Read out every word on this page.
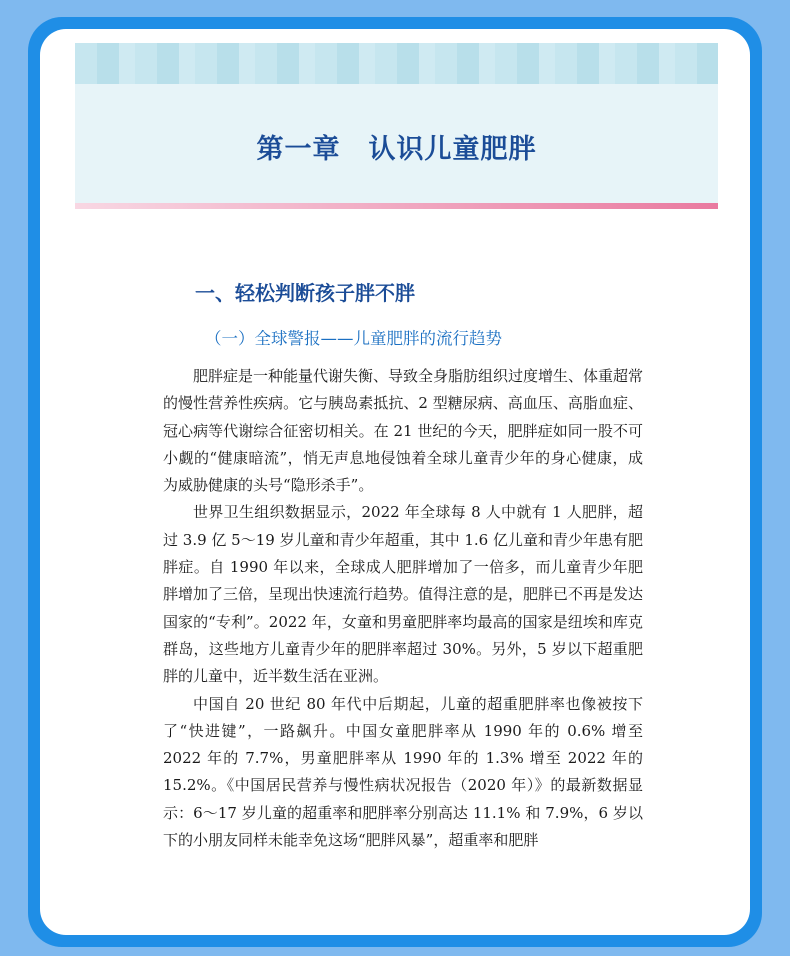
第一章　认识儿童肥胖
一、轻松判断孩子胖不胖
（一）全球警报——儿童肥胖的流行趋势

肥胖症是一种能量代谢失衡、导致全身脂肪组织过度增生、体重超常的慢性营养性疾病。它与胰岛素抵抗、2 型糖尿病、高血压、高脂血症、冠心病等代谢综合征密切相关。在 21 世纪的今天，肥胖症如同一股不可小觑的“健康暗流”，悄无声息地侵蚀着全球儿童青少年的身心健康，成为威胁健康的头号“隐形杀手”。

世界卫生组织数据显示，2022 年全球每 8 人中就有 1 人肥胖，超过 3.9 亿 5～19 岁儿童和青少年超重，其中 1.6 亿儿童和青少年患有肥胖症。自 1990 年以来，全球成人肥胖增加了一倍多，而儿童青少年肥胖增加了三倍，呈现出快速流行趋势。值得注意的是，肥胖已不再是发达国家的“专利”。2022 年，女童和男童肥胖率均最高的国家是纽埃和库克群岛，这些地方儿童青少年的肥胖率超过 30%。另外，5 岁以下超重肥胖的儿童中，近半数生活在亚洲。

中国自 20 世纪 80 年代中后期起，儿童的超重肥胖率也像被按下了“快进键”，一路飙升。中国女童肥胖率从 1990 年的 0.6% 增至 2022 年的 7.7%，男童肥胖率从 1990 年的 1.3% 增至 2022 年的 15.2%。《中国居民营养与慢性病状况报告（2020 年）》的最新数据显示：6～17 岁儿童的超重率和肥胖率分别高达 11.1% 和 7.9%，6 岁以下的小朋友同样未能幸免这场“肥胖风暴”，超重率和肥胖
